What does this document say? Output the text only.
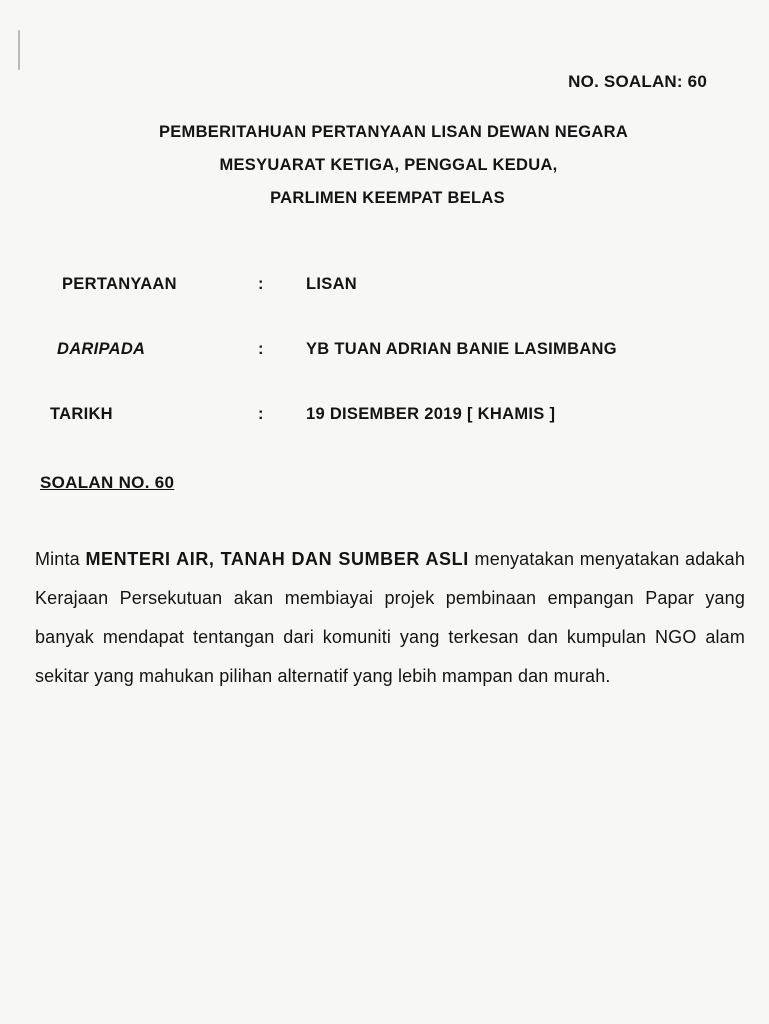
NO. SOALAN: 60
PEMBERITAHUAN PERTANYAAN LISAN DEWAN NEGARA
MESYUARAT KETIGA, PENGGAL KEDUA,
PARLIMEN KEEMPAT BELAS
PERTANYAAN	:	LISAN
DARIPADA	:	YB TUAN ADRIAN BANIE LASIMBANG
TARIKH	:	19 DISEMBER 2019 [ KHAMIS ]
SOALAN NO. 60
Minta MENTERI AIR, TANAH DAN SUMBER ASLI menyatakan menyatakan adakah Kerajaan Persekutuan akan membiayai projek pembinaan empangan Papar yang banyak mendapat tentangan dari komuniti yang terkesan dan kumpulan NGO alam sekitar yang mahukan pilihan alternatif yang lebih mampan dan murah.
